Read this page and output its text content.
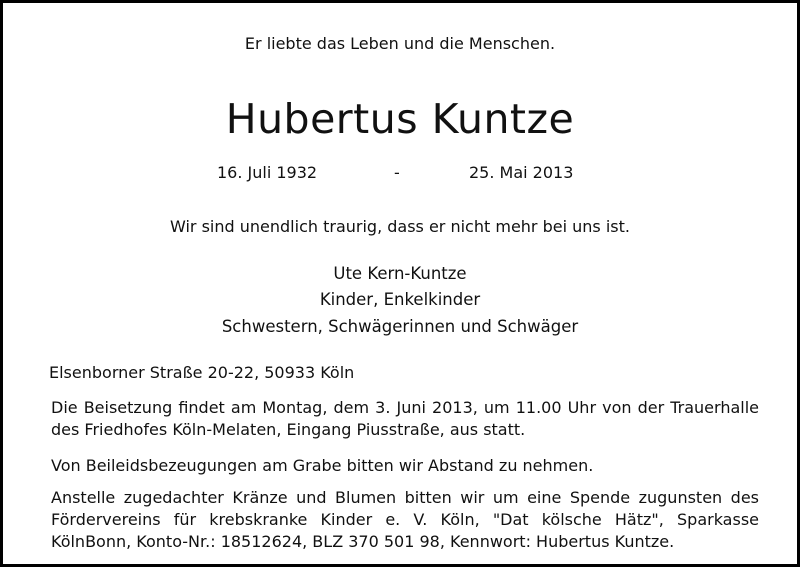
Er liebte das Leben und die Menschen.
Hubertus Kuntze
16. Juli 1932	-	25. Mai 2013
Wir sind unendlich traurig, dass er nicht mehr bei uns ist.
Ute Kern-Kuntze
Kinder, Enkelkinder
Schwestern, Schwägerinnen und Schwäger
Elsenborner Straße 20-22, 50933 Köln
Die Beisetzung findet am Montag, dem 3. Juni 2013, um 11.00 Uhr von der Trauerhalle des Friedhofes Köln-Melaten, Eingang Piusstraße, aus statt.
Von Beileidsbezeugungen am Grabe bitten wir Abstand zu nehmen.
Anstelle zugedachter Kränze und Blumen bitten wir um eine Spende zugunsten des Fördervereins für krebskranke Kinder e. V. Köln, "Dat kölsche Hätz", Sparkasse KölnBonn, Konto-Nr.: 18512624, BLZ 370 501 98, Kennwort: Hubertus Kuntze.
